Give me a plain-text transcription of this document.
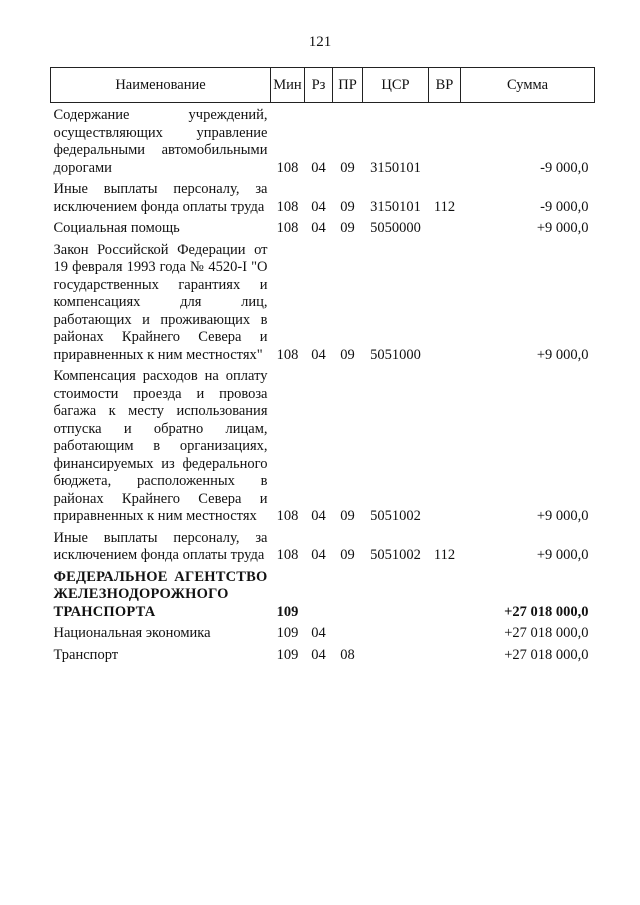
121
Наименование	Мин	Рз	ПР	ЦСР	ВР	Сумма
Содержание учреждений, осуществляющих управление федеральными автомобильными дорогами	108	04	09	3150101		-9 000,0
Иные выплаты персоналу, за исключением фонда оплаты труда	108	04	09	3150101	112	-9 000,0
Социальная помощь	108	04	09	5050000		+9 000,0
Закон Российской Федерации от 19 февраля 1993 года № 4520-I "О государственных гарантиях и компенсациях для лиц, работающих и проживающих в районах Крайнего Севера и приравненных к ним местностях"	108	04	09	5051000		+9 000,0
Компенсация расходов на оплату стоимости проезда и провоза багажа к месту использования отпуска и обратно лицам, работающим в организациях, финансируемых из федерального бюджета, расположенных в районах Крайнего Севера и приравненных к ним местностях	108	04	09	5051002		+9 000,0
Иные выплаты персоналу, за исключением фонда оплаты труда	108	04	09	5051002	112	+9 000,0
ФЕДЕРАЛЬНОЕ АГЕНТСТВО ЖЕЛЕЗНОДОРОЖНОГО ТРАНСПОРТА	109					+27 018 000,0
Национальная экономика	109	04				+27 018 000,0
Транспорт	109	04	08			+27 018 000,0
